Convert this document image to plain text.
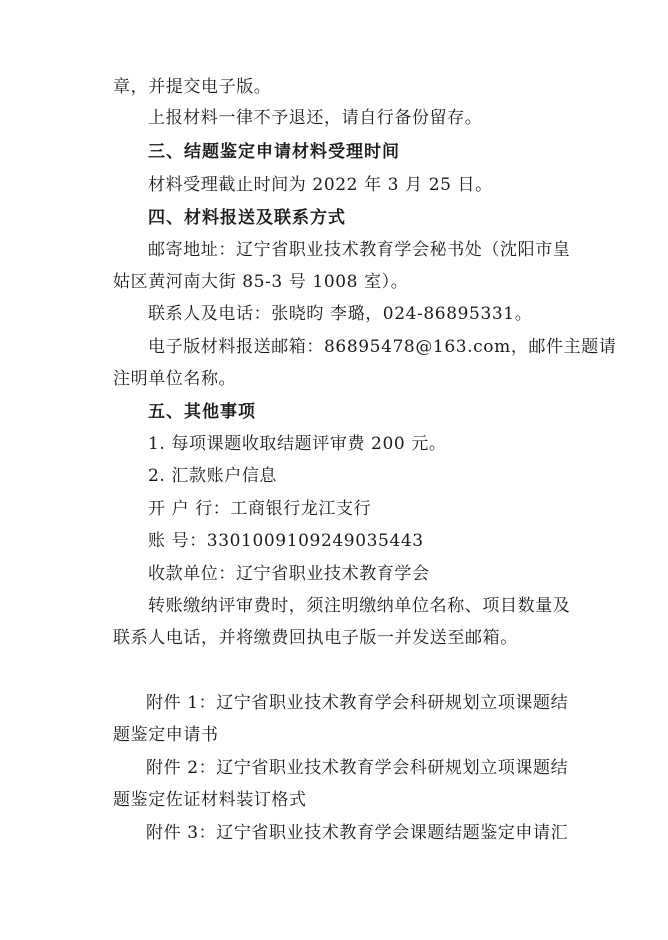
章，并提交电子版。
上报材料一律不予退还，请自行备份留存。
三、结题鉴定申请材料受理时间
材料受理截止时间为 2022 年 3 月 25 日。
四、材料报送及联系方式
邮寄地址：辽宁省职业技术教育学会秘书处（沈阳市皇
姑区黄河南大街 85-3 号 1008 室）。
联系人及电话：张晓昀 李璐，024-86895331。
电子版材料报送邮箱：86895478@163.com，邮件主题请
注明单位名称。
五、其他事项
1. 每项课题收取结题评审费 200 元。
2. 汇款账户信息
开 户 行：工商银行龙江支行
账 号：3301009109249035443
收款单位：辽宁省职业技术教育学会
转账缴纳评审费时，须注明缴纳单位名称、项目数量及
联系人电话，并将缴费回执电子版一并发送至邮箱。
附件 1：辽宁省职业技术教育学会科研规划立项课题结
题鉴定申请书
附件 2：辽宁省职业技术教育学会科研规划立项课题结
题鉴定佐证材料装订格式
附件 3：辽宁省职业技术教育学会课题结题鉴定申请汇
